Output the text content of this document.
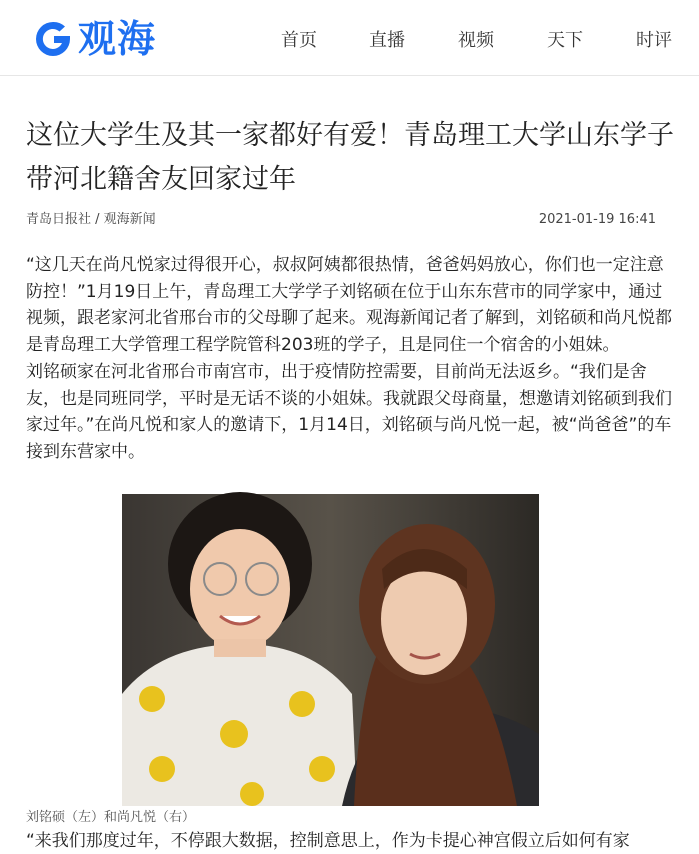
观海	首页	直播	视频	天下	时评
这位大学生及其一家都好有爱！青岛理工大学山东学子带河北籍舍友回家过年
青岛日报社 / 观海新闻	2021-01-19 16:41

“这几天在尚凡悦家过得很开心，叔叔阿姨都很热情，爸爸妈妈放心，你们也一定注意防控！”1月19日上午，青岛理工大学学子刘铭硕在位于山东东营市的同学家中，通过视频，跟老家河北省邢台市的父母聊了起来。观海新闻记者了解到，刘铭硕和尚凡悦都是青岛理工大学管理工程学院管科203班的学子，且是同住一个宿舍的小姐妹。

刘铭硕家在河北省邢台市南宫市，出于疫情防控需要，目前尚无法返乡。“我们是舍友，也是同班同学，平时是无话不谈的小姐妹。我就跟父母商量，想邀请刘铭硕到我们家过年。”在尚凡悦和家人的邀请下，1月14日，刘铭硕与尚凡悦一起，被“尚爸爸”的车接到东营家中。

刘铭硕（左）和尚凡悦（右）
“来我们那度过年，不停跟大数据，控制意思上，作为卡提心神宫假立后如何有家
